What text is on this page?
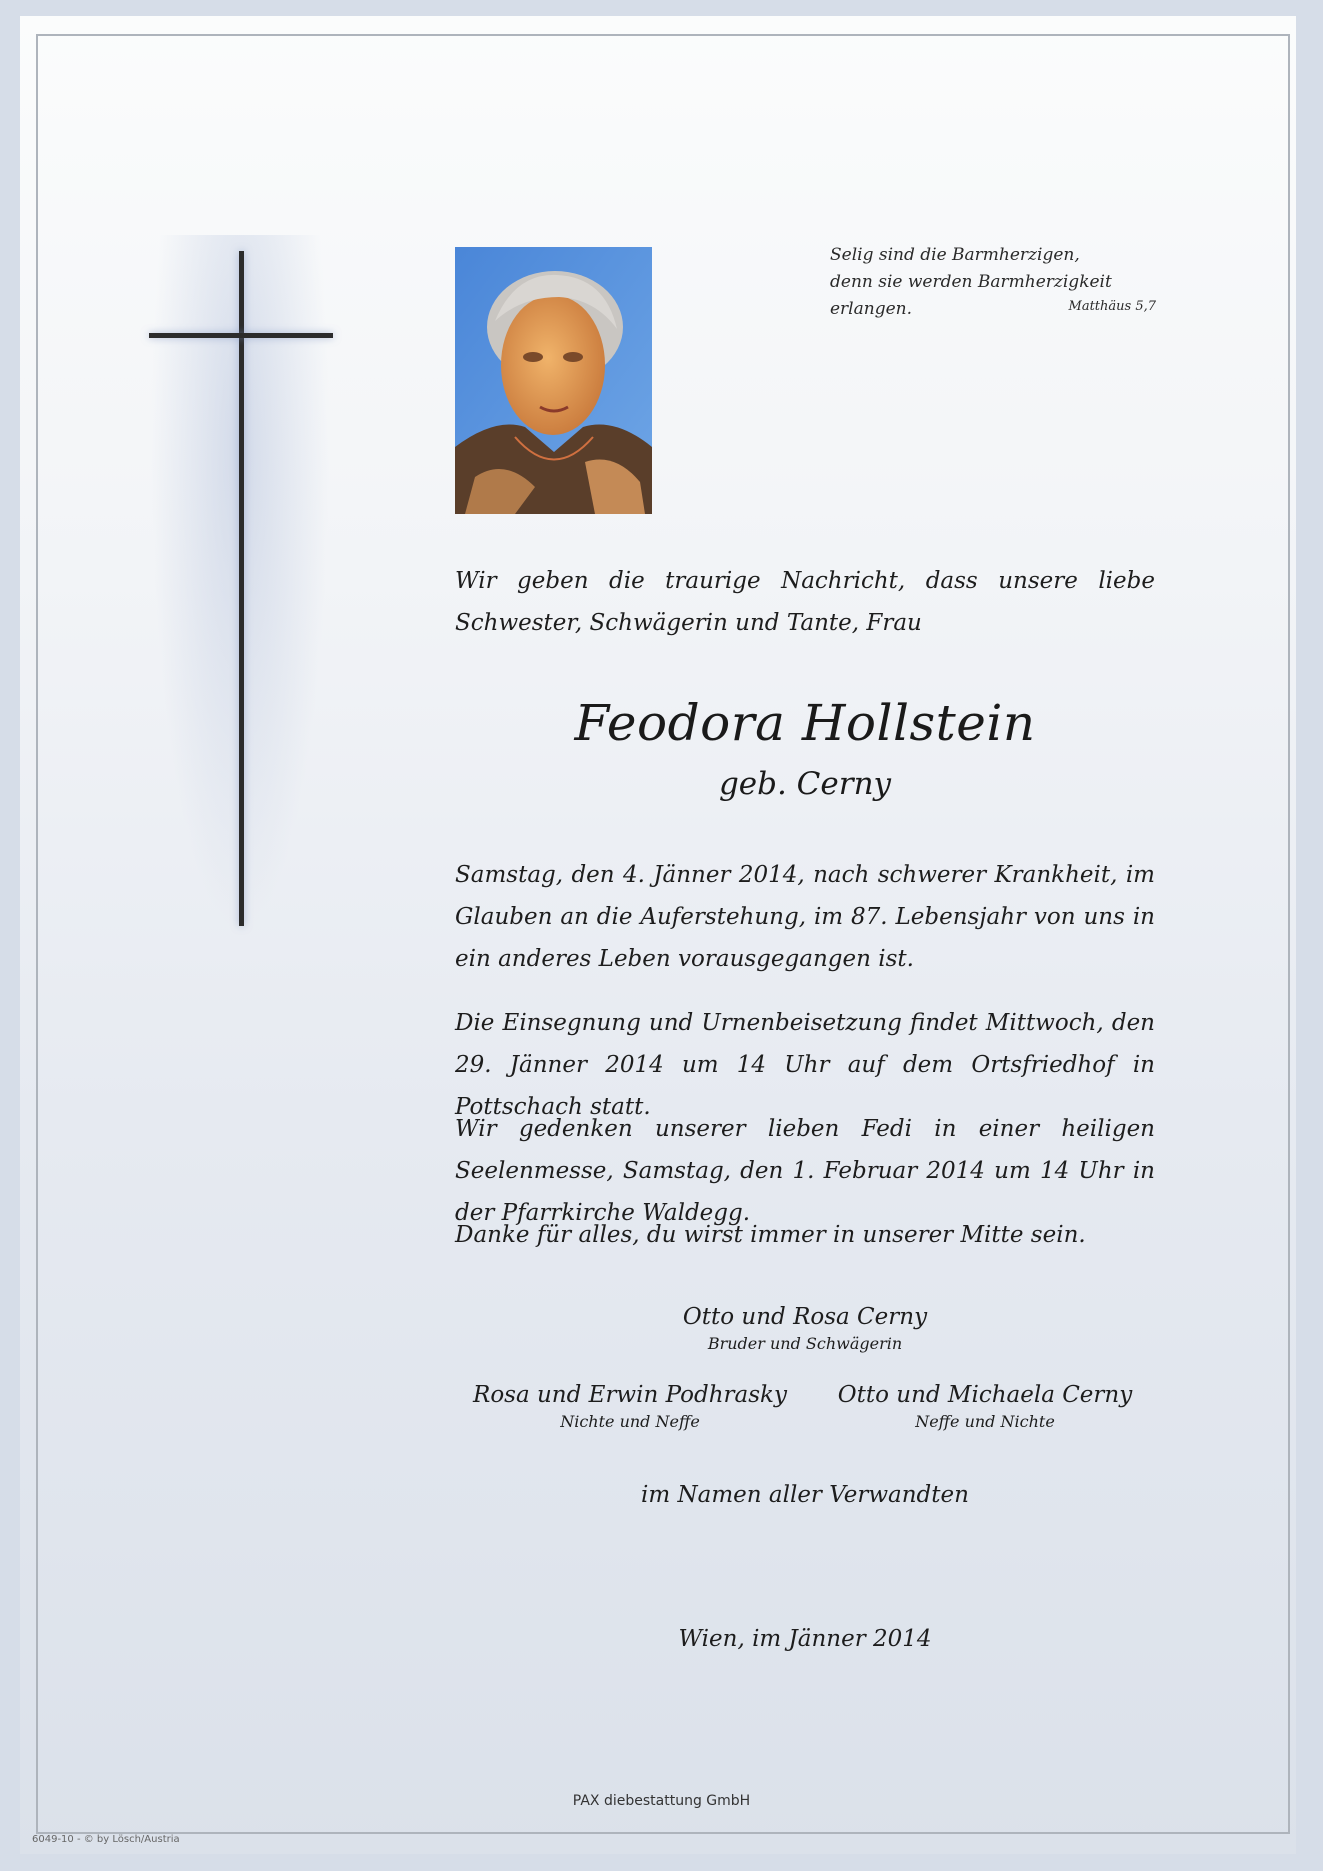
Selig sind die Barmherzigen,
denn sie werden Barmherzigkeit erlangen.	Matthäus 5,7
Wir geben die traurige Nachricht, dass unsere liebe Schwester, Schwägerin und Tante, Frau
Feodora Hollstein
geb. Cerny
Samstag, den 4. Jänner 2014, nach schwerer Krankheit, im Glauben an die Auferstehung, im 87. Lebensjahr von uns in ein anderes Leben vorausgegangen ist.
Die Einsegnung und Urnenbeisetzung findet Mittwoch, den 29. Jänner 2014 um 14 Uhr auf dem Ortsfriedhof in Pottschach statt.
Wir gedenken unserer lieben Fedi in einer heiligen Seelenmesse, Samstag, den 1. Februar 2014 um 14 Uhr in der Pfarrkirche Waldegg.
Danke für alles, du wirst immer in unserer Mitte sein.
Otto und Rosa Cerny
Bruder und Schwägerin
Rosa und Erwin Podhrasky
Nichte und Neffe
Otto und Michaela Cerny
Neffe und Nichte
im Namen aller Verwandten
Wien, im Jänner 2014
PAX diebestattung GmbH
6049-10 - © by Lösch/Austria
